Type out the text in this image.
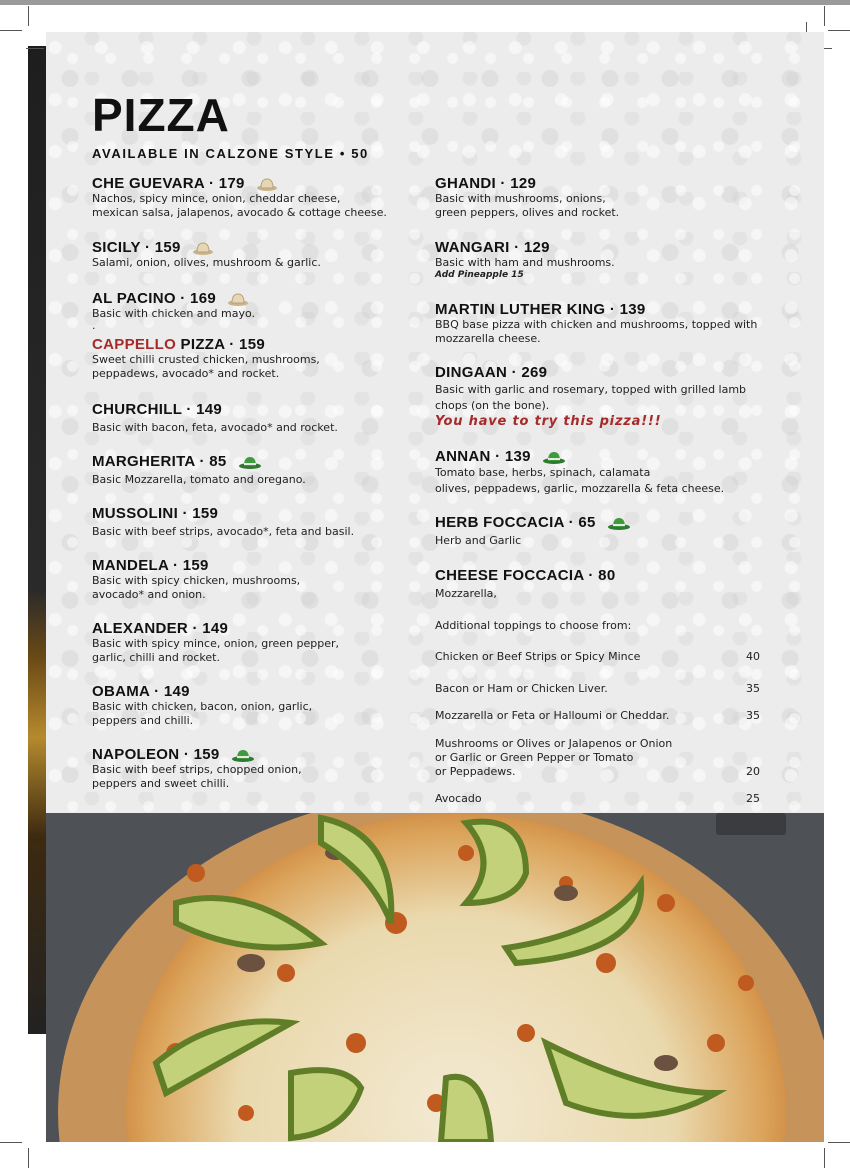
PIZZA
AVAILABLE IN CALZONE STYLE • 50
CHE GUEVARA · 179
Nachos, spicy mince, onion, cheddar cheese,
mexican salsa, jalapenos, avocado & cottage cheese.
SICILY · 159
Salami, onion, olives, mushroom & garlic.
AL PACINO · 169
Basic with chicken and mayo.
.
CAPPELLO PIZZA · 159
Sweet chilli crusted chicken, mushrooms,
peppadews, avocado* and rocket.
CHURCHILL · 149
Basic with bacon, feta, avocado* and rocket.
MARGHERITA · 85
Basic Mozzarella, tomato and oregano.
MUSSOLINI · 159
Basic with beef strips, avocado*, feta and basil.
MANDELA · 159
Basic with spicy chicken, mushrooms,
avocado* and onion.
ALEXANDER · 149
Basic with spicy mince, onion, green pepper,
garlic, chilli and rocket.
OBAMA · 149
Basic with chicken, bacon, onion, garlic,
peppers and chilli.
NAPOLEON · 159
Basic with beef strips, chopped onion,
peppers and sweet chilli.
GHANDI · 129
Basic with mushrooms, onions,
green peppers, olives and rocket.
WANGARI · 129
Basic with ham and mushrooms.
Add Pineapple 15
MARTIN LUTHER KING · 139
BBQ base pizza with chicken and mushrooms, topped with
mozzarella cheese.
DINGAAN · 269
Basic with garlic and rosemary, topped with grilled lamb
chops (on the bone).
You have to try this pizza!!!
ANNAN · 139
Tomato base, herbs, spinach, calamata
olives, peppadews, garlic, mozzarella & feta cheese.
HERB FOCCACIA · 65
Herb and Garlic
CHEESE FOCCACIA · 80
Mozzarella,
Additional toppings to choose from:
Chicken or Beef Strips or Spicy Mince	40
Bacon or Ham or Chicken Liver.	35
Mozzarella or Feta or Halloumi or Cheddar.	35
Mushrooms or Olives or Jalapenos or Onion
or Garlic or Green Pepper or Tomato
or Peppadews.	20
Avocado	25
